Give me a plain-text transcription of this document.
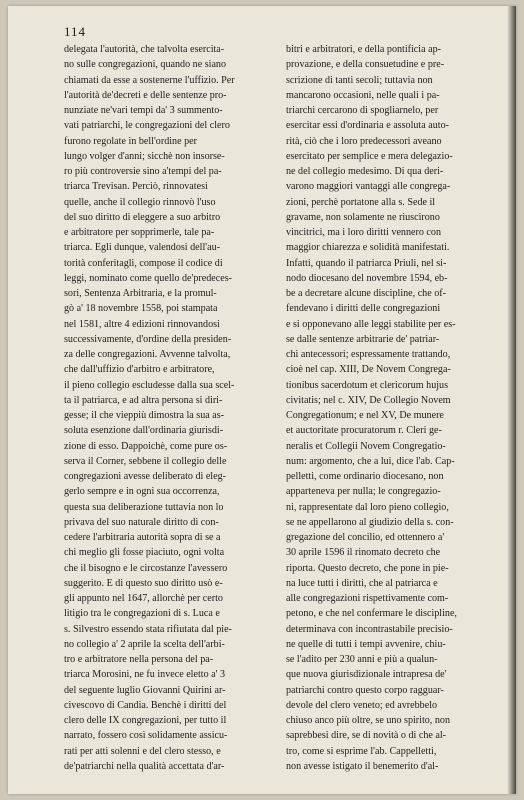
114
delegata l'autorità, che talvolta esercita-
no sulle congregazioni, quando ne siano
chiamati da esse a sostenerne l'uffizio. Per
l'autorità de'decreti e delle sentenze pro-
nunziate ne'vari tempi da' 3 summento-
vati patriarchi, le congregazioni del clero
furono regolate in bell'ordine per
lungo volger d'anni; sicchè non insorse-
ro più controversie sino a'tempi del pa-
triarca Trevisan. Perciò, rinnovatesi
quelle, anche il collegio rinnovò l'uso
del suo diritto di eleggere a suo arbitro
e arbitratore per sopprimerle, tale pa-
triarca. Egli dunque, valendosi dell'au-
torità conferitagli, compose il codice di
leggi, nominato come quello de'predeces-
sori, Sentenza Arbitraria, e la promul-
gò a' 18 novembre 1558, poi stampata
nel 1581, altre 4 edizioni rinnovandosi
successivamente, d'ordine della presiden-
za delle congregazioni. Avvenne talvolta,
che dall'uffizio d'arbitro e arbitratore,
il pieno collegio escludesse dalla sua scel-
ta il patriarca, e ad altra persona si diri-
gesse; il che vieppiù dimostra la sua as-
soluta esenzione dall'ordinaria giurisdi-
zione di esso. Dappoichè, come pure os-
serva il Corner, sebbene il collegio delle
congregazioni avesse deliberato di eleg-
gerlo sempre e in ogni sua occorrenza,
questa sua deliberazione tuttavia non lo
privava del suo naturale diritto di con-
cedere l'arbitraria autorità sopra di se a
chi meglio gli fosse piaciuto, ogni volta
che il bisogno e le circostanze l'avessero
suggerito. E di questo suo diritto usò e-
gli appunto nel 1647, allorchè per certo
litigio tra le congregazioni di s. Luca e
s. Silvestro essendo stata rifiutata dal pie-
no collegio a' 2 aprile la scelta dell'arbi-
tro e arbitratore nella persona del pa-
triarca Morosini, ne fu invece eletto a' 3
del seguente luglio Giovanni Quirini ar-
civescovo di Candia. Benchè i diritti del
clero delle IX congregazioni, per tutto il
narrato, fossero così solidamente assicu-
rati per atti solenni e del clero stesso, e
de'patriarchi nella qualità accettata d'ar-
bitri e arbitratori, e della pontificia ap-
provazione, e della consuetudine e pre-
scrizione di tanti secoli; tuttavia non
mancarono occasioni, nelle quali i pa-
triarchi cercarono di spogliarnelo, per
esercitar essi d'ordinaria e assoluta auto-
rità, ciò che i loro predecessori aveano
esercitato per semplice e mera delegazio-
ne del collegio medesimo. Di qua deri-
varono maggiori vantaggi alle congrega-
zioni, perchè portatone alla s. Sede il
gravame, non solamente ne riuscirono
vincitrici, ma i loro diritti vennero con
maggior chiarezza e solidità manifestati.
Infatti, quando il patriarca Priuli, nel si-
nodo diocesano del novembre 1594, eb-
be a decretare alcune discipline, che of-
fendevano i diritti delle congregazioni
e si opponevano alle leggi stabilite per es-
se dalle sentenze arbitrarie de' patriar-
chi antecessori; espressamente trattando,
cioè nel cap. XIII, De Novem Congrega-
tionibus sacerdotum et clericorum hujus
civitatis; nel c. XIV, De Collegio Novem
Congregationum; e nel XV, De munere
et auctoritate procuratorum r. Cleri ge-
neralis et Collegii Novem Congregatio-
num: argomento, che a lui, dice l'ab. Cap-
pelletti, come ordinario diocesano, non
apparteneva per nulla; le congregazio-
ni, rappresentate dal loro pieno collegio,
se ne appellarono al giudizio della s. con-
gregazione del concilio, ed ottennero a'
30 aprile 1596 il rinomato decreto che
riporta. Questo decreto, che pone in pie-
na luce tutti i diritti, che al patriarca e
alle congregazioni rispettivamente com-
petono, e che nel confermare le discipline,
determinava con incontrastabile precisio-
ne quelle di tutti i tempi avvenire, chiu-
se l'adito per 230 anni e più a qualun-
que nuova giurisdizionale intrapresa de'
patriarchi contro questo corpo ragguar-
devole del clero veneto; ed avrebbelo
chiuso anco più oltre, se uno spirito, non
saprebbesi dire, se di novità o di che al-
tro, come si esprime l'ab. Cappelletti,
non avesse istigato il benemerito d'al-
